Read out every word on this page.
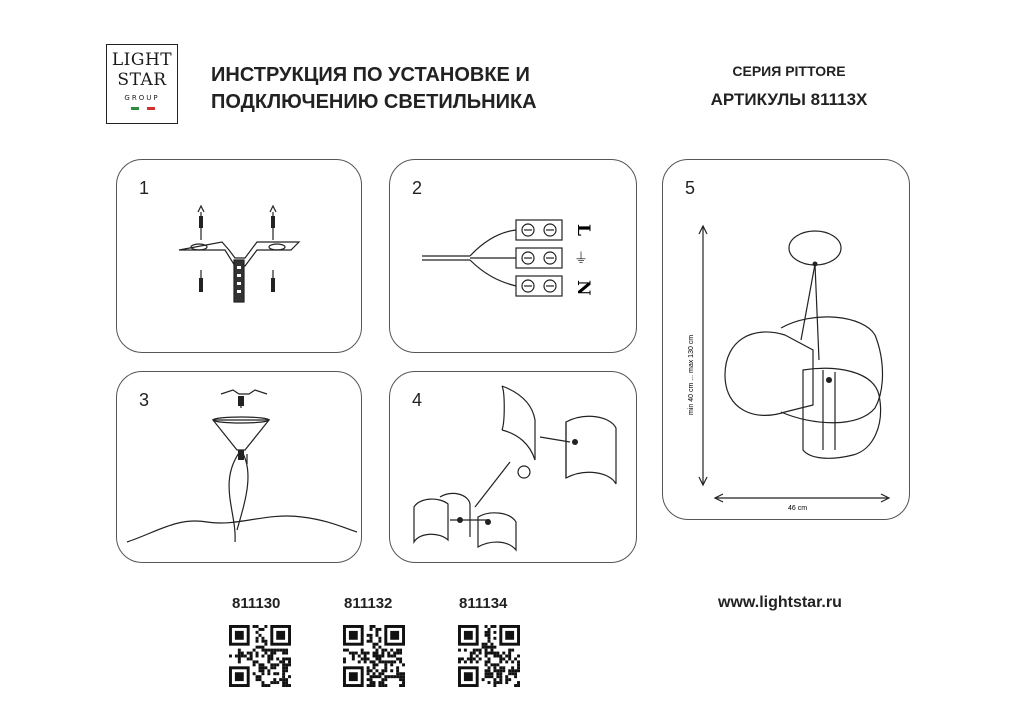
LIGHT
STAR
GROUP
ИНСТРУКЦИЯ ПО УСТАНОВКЕ И
ПОДКЛЮЧЕНИЮ СВЕТИЛЬНИКА
СЕРИЯ PITTORE
АРТИКУЛЫ 81113X
1	2
L
⏚
N
5
min 40 cm ... max 130 cm
46 cm
3	4
811130	811132	811134	www.lightstar.ru
